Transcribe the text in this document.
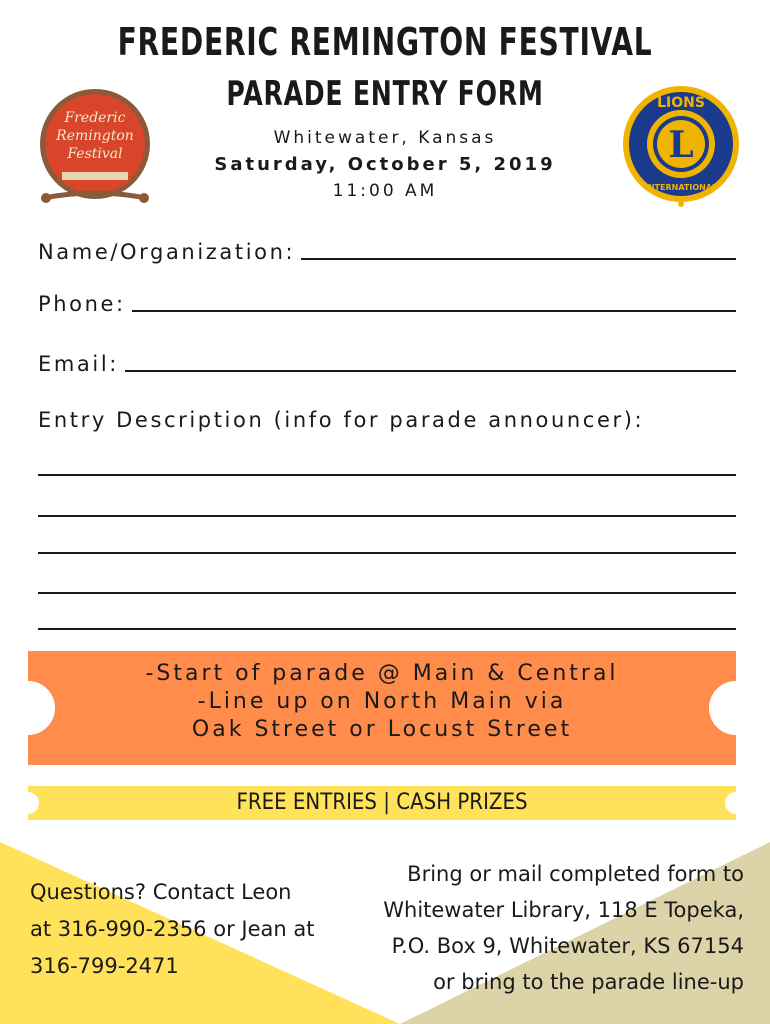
FREDERIC REMINGTON FESTIVAL
PARADE ENTRY FORM
Whitewater, Kansas
Saturday, October 5, 2019
11:00 AM
Frederic
Remington
Festival	L
LIONS
INTERNATIONAL
Name/Organization:
Phone:
Email:
Entry Description (info for parade announcer):
-Start of parade @ Main & Central
-Line up on North Main via
Oak Street or Locust Street
FREE ENTRIES | CASH PRIZES
Questions? Contact Leon
at 316-990-2356 or Jean at
316-799-2471
Bring or mail completed form to
Whitewater Library, 118 E Topeka,
P.O. Box 9, Whitewater, KS 67154
or bring to the parade line-up
